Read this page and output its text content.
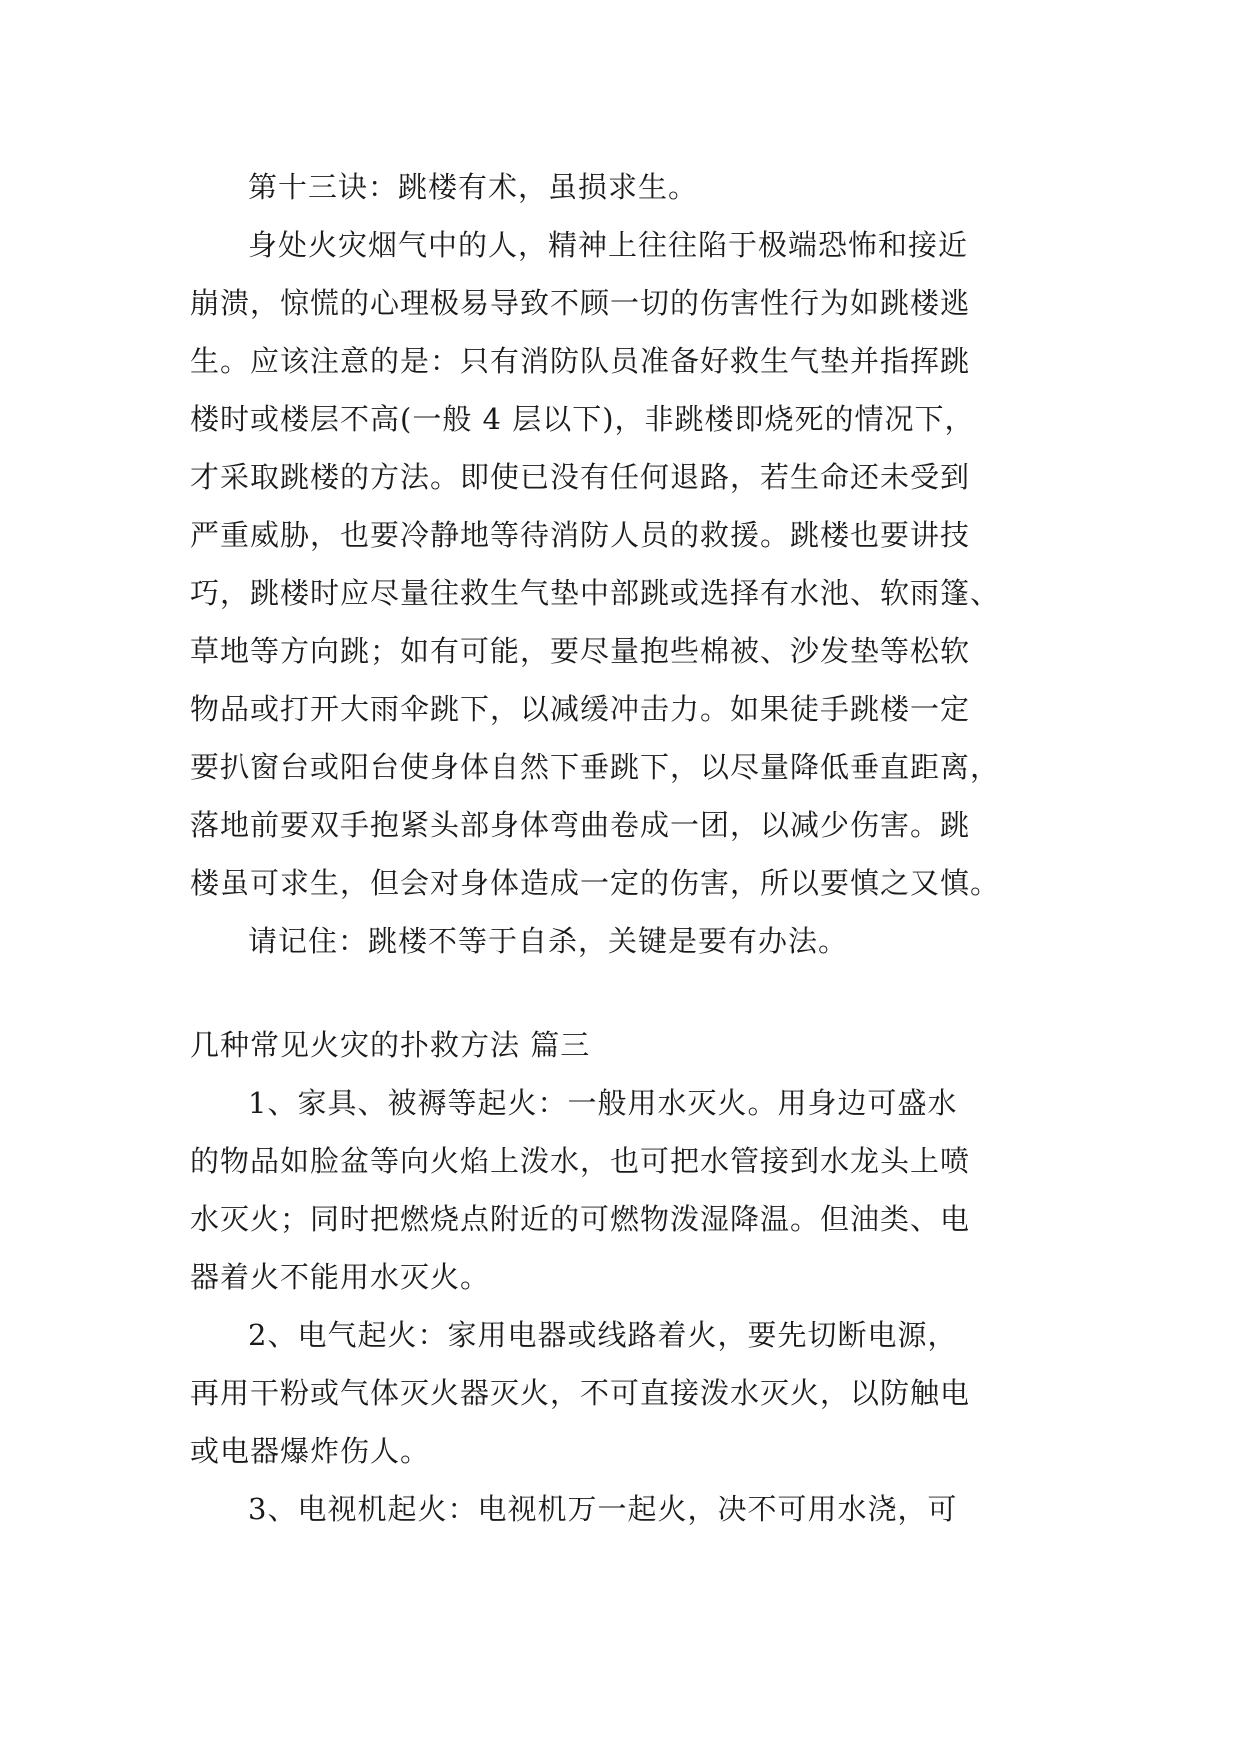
第十三诀：跳楼有术，虽损求生。

身处火灾烟气中的人，精神上往往陷于极端恐怖和接近
崩溃，惊慌的心理极易导致不顾一切的伤害性行为如跳楼逃
生。应该注意的是：只有消防队员准备好救生气垫并指挥跳
楼时或楼层不高(一般 4 层以下)，非跳楼即烧死的情况下，
才采取跳楼的方法。即使已没有任何退路，若生命还未受到
严重威胁，也要冷静地等待消防人员的救援。跳楼也要讲技
巧，跳楼时应尽量往救生气垫中部跳或选择有水池、软雨篷、
草地等方向跳；如有可能，要尽量抱些棉被、沙发垫等松软
物品或打开大雨伞跳下，以减缓冲击力。如果徒手跳楼一定
要扒窗台或阳台使身体自然下垂跳下，以尽量降低垂直距离，
落地前要双手抱紧头部身体弯曲卷成一团，以减少伤害。跳
楼虽可求生，但会对身体造成一定的伤害，所以要慎之又慎。

请记住：跳楼不等于自杀，关键是要有办法。

几种常见火灾的扑救方法 篇三

1、家具、被褥等起火：一般用水灭火。用身边可盛水
的物品如脸盆等向火焰上泼水，也可把水管接到水龙头上喷
水灭火；同时把燃烧点附近的可燃物泼湿降温。但油类、电
器着火不能用水灭火。
2、电气起火：家用电器或线路着火，要先切断电源，
再用干粉或气体灭火器灭火，不可直接泼水灭火，以防触电
或电器爆炸伤人。
3、电视机起火：电视机万一起火，决不可用水浇，可
